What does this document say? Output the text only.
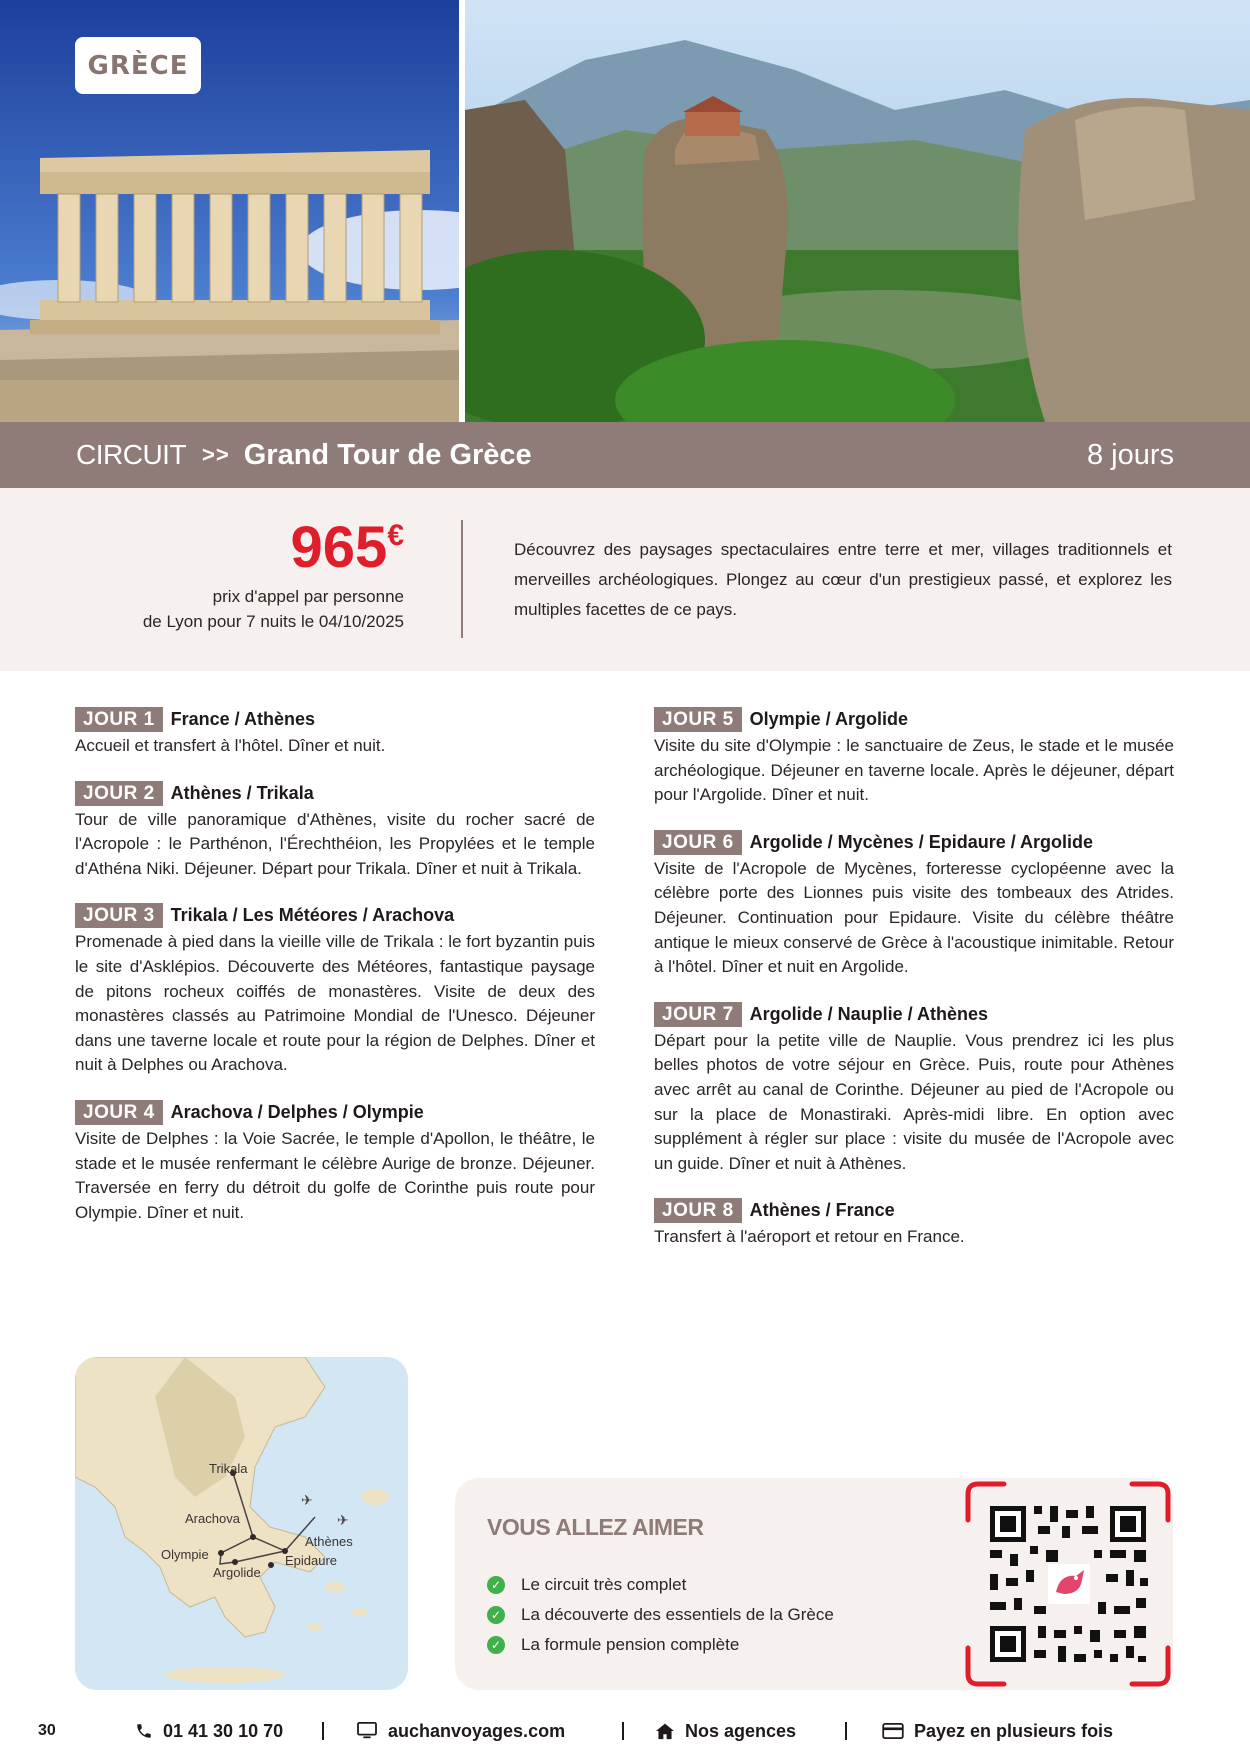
GRÈCE
CIRCUIT >> Grand Tour de Grèce	8 jours
965€
prix d'appel par personne
de Lyon pour 7 nuits le 04/10/2025

Découvrez des paysages spectaculaires entre terre et mer, villages traditionnels et merveilles archéologiques. Plongez au cœur d'un prestigieux passé, et explorez les multiples facettes de ce pays.

JOUR 1 France / Athènes

Accueil et transfert à l'hôtel. Dîner et nuit.

JOUR 2 Athènes / Trikala

Tour de ville panoramique d'Athènes, visite du rocher sacré de l'Acropole : le Parthénon, l'Érechthéion, les Propylées et le temple d'Athéna Niki. Déjeuner. Départ pour Trikala. Dîner et nuit à Trikala.

JOUR 3 Trikala / Les Météores / Arachova

Promenade à pied dans la vieille ville de Trikala : le fort byzantin puis le site d'Asklépios. Découverte des Météores, fantastique paysage de pitons rocheux coiffés de monastères. Visite de deux des monastères classés au Patrimoine Mondial de l'Unesco. Déjeuner dans une taverne locale et route pour la région de Delphes. Dîner et nuit à Delphes ou Arachova.

JOUR 4 Arachova / Delphes / Olympie

Visite de Delphes : la Voie Sacrée, le temple d'Apollon, le théâtre, le stade et le musée renfermant le célèbre Aurige de bronze. Déjeuner. Traversée en ferry du détroit du golfe de Corinthe puis route pour Olympie. Dîner et nuit.

JOUR 5 Olympie / Argolide

Visite du site d'Olympie : le sanctuaire de Zeus, le stade et le musée archéologique. Déjeuner en taverne locale. Après le déjeuner, départ pour l'Argolide. Dîner et nuit.

JOUR 6 Argolide / Mycènes / Epidaure / Argolide

Visite de l'Acropole de Mycènes, forteresse cyclopéenne avec la célèbre porte des Lionnes puis visite des tombeaux des Atrides. Déjeuner. Continuation pour Epidaure. Visite du célèbre théâtre antique le mieux conservé de Grèce à l'acoustique inimitable. Retour à l'hôtel. Dîner et nuit en Argolide.

JOUR 7 Argolide / Nauplie / Athènes

Départ pour la petite ville de Nauplie. Vous prendrez ici les plus belles photos de votre séjour en Grèce. Puis, route pour Athènes avec arrêt au canal de Corinthe. Déjeuner au pied de l'Acropole ou sur la place de Monastiraki. Après-midi libre. En option avec supplément à régler sur place : visite du musée de l'Acropole avec un guide. Dîner et nuit à Athènes.

JOUR 8 Athènes / France

Transfert à l'aéroport et retour en France.

✈
✈
Trikala
Arachova
Olympie
Argolide
Athènes
Epidaure
VOUS ALLEZ AIMER
✓ Le circuit très complet
✓ La découverte des essentiels de la Grèce
✓ La formule pension complète
30	01 41 30 10 70	auchanvoyages.com	Nos agences	Payez en plusieurs fois
